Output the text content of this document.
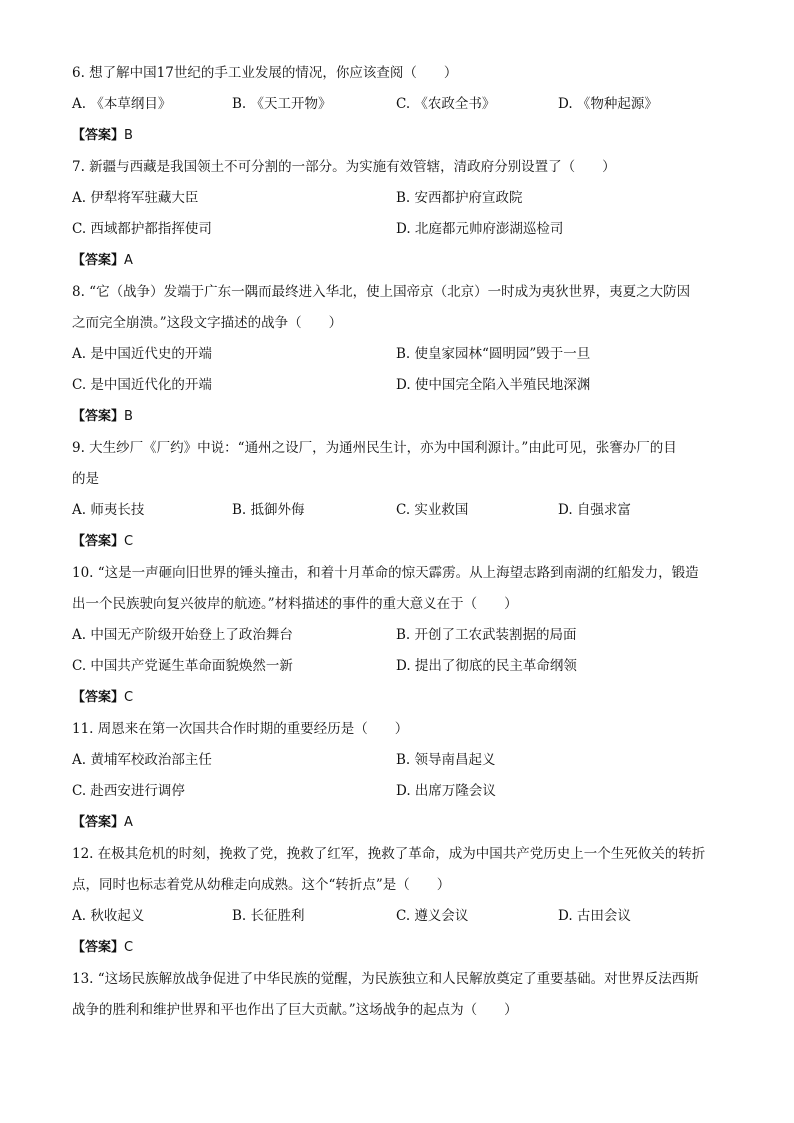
6. 想了解中国17世纪的手工业发展的情况，你应该查阅（　　）
A. 《本草纲目》	B. 《天工开物》	C. 《农政全书》	D. 《物种起源》
【答案】B
7. 新疆与西藏是我国领土不可分割的一部分。为实施有效管辖，清政府分别设置了（　　）
A. 伊犁将军驻藏大臣	B. 安西都护府宣政院
C. 西域都护都指挥使司	D. 北庭都元帅府澎湖巡检司
【答案】A
8. “它（战争）发端于广东一隅而最终进入华北，使上国帝京（北京）一时成为夷狄世界，夷夏之大防因
之而完全崩溃。”这段文字描述的战争（　　）
A. 是中国近代史的开端	B. 使皇家园林“圆明园”毁于一旦
C. 是中国近代化的开端	D. 使中国完全陷入半殖民地深渊
【答案】B
9. 大生纱厂《厂约》中说：“通州之设厂，为通州民生计，亦为中国利源计。”由此可见，张謇办厂的目
的是
A. 师夷长技	B. 抵御外侮	C. 实业救国	D. 自强求富
【答案】C
10. “这是一声砸向旧世界的锤头撞击，和着十月革命的惊天霹雳。从上海望志路到南湖的红船发力，锻造
出一个民族驶向复兴彼岸的航迹。”材料描述的事件的重大意义在于（　　）
A. 中国无产阶级开始登上了政治舞台	B. 开创了工农武装割据的局面
C. 中国共产党诞生革命面貌焕然一新	D. 提出了彻底的民主革命纲领
【答案】C
11. 周恩来在第一次国共合作时期的重要经历是（　　）
A. 黄埔军校政治部主任	B. 领导南昌起义
C. 赴西安进行调停	D. 出席万隆会议
【答案】A
12. 在极其危机的时刻，挽救了党，挽救了红军，挽救了革命，成为中国共产党历史上一个生死攸关的转折
点，同时也标志着党从幼稚走向成熟。这个“转折点”是（　　）
A. 秋收起义	B. 长征胜利	C. 遵义会议	D. 古田会议
【答案】C
13. “这场民族解放战争促进了中华民族的觉醒，为民族独立和人民解放奠定了重要基础。对世界反法西斯
战争的胜利和维护世界和平也作出了巨大贡献。”这场战争的起点为（　　）
